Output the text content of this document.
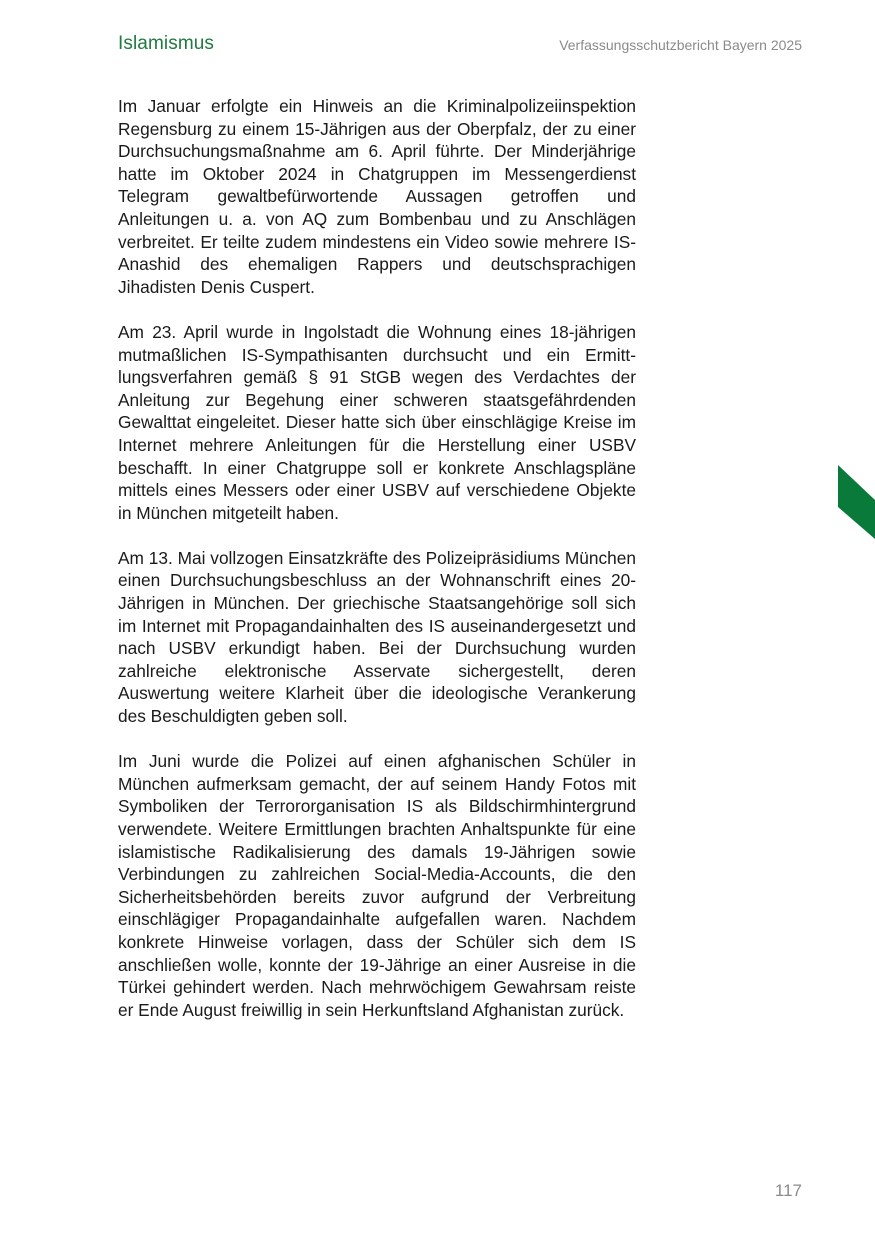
Islamismus	Verfassungsschutzbericht Bayern 2025

Im Januar erfolgte ein Hinweis an die Kriminalpolizeiinspektion Regensburg zu einem 15-Jährigen aus der Oberpfalz, der zu einer Durchsuchungsmaßnahme am 6. April führte. Der Minderjährige hatte im Oktober 2024 in Chatgruppen im Messengerdienst Telegram gewaltbefürwortende Aussagen getroffen und Anleitungen u. a. von AQ zum Bombenbau und zu Anschlägen verbreitet. Er teilte zudem mindestens ein Video sowie mehrere IS-Anashid des ehemaligen Rappers und deutschsprachigen Jihadisten Denis Cuspert.

Am 23. April wurde in Ingolstadt die Wohnung eines 18-jährigen mutmaßlichen IS-Sympathisanten durchsucht und ein Ermittlungsverfahren gemäß § 91 StGB wegen des Verdachtes der Anleitung zur Begehung einer schweren staatsgefährdenden Gewalttat eingeleitet. Dieser hatte sich über einschlägige Kreise im Internet mehrere Anleitungen für die Herstellung einer USBV beschafft. In einer Chatgruppe soll er konkrete Anschlagspläne mittels eines Messers oder einer USBV auf verschiedene Objekte in München mitgeteilt haben.

Am 13. Mai vollzogen Einsatzkräfte des Polizeipräsidiums München einen Durchsuchungsbeschluss an der Wohnanschrift eines 20-Jährigen in München. Der griechische Staatsangehörige soll sich im Internet mit Propagandainhalten des IS auseinandergesetzt und nach USBV erkundigt haben. Bei der Durchsuchung wurden zahlreiche elektronische Asservate sichergestellt, deren Auswertung weitere Klarheit über die ideologische Verankerung des Beschuldigten geben soll.

Im Juni wurde die Polizei auf einen afghanischen Schüler in München aufmerksam gemacht, der auf seinem Handy Fotos mit Symboliken der Terrororganisation IS als Bildschirmhintergrund verwendete. Weitere Ermittlungen brachten Anhaltspunkte für eine islamistische Radikalisierung des damals 19-Jährigen sowie Verbindungen zu zahlreichen Social-Media-Accounts, die den Sicherheitsbehörden bereits zuvor aufgrund der Verbreitung einschlägiger Propagandainhalte aufgefallen waren. Nachdem konkrete Hinweise vorlagen, dass der Schüler sich dem IS anschließen wolle, konnte der 19-Jährige an einer Ausreise in die Türkei gehindert werden. Nach mehrwöchigem Gewahrsam reiste er Ende August freiwillig in sein Herkunftsland Afghanistan zurück.

117
